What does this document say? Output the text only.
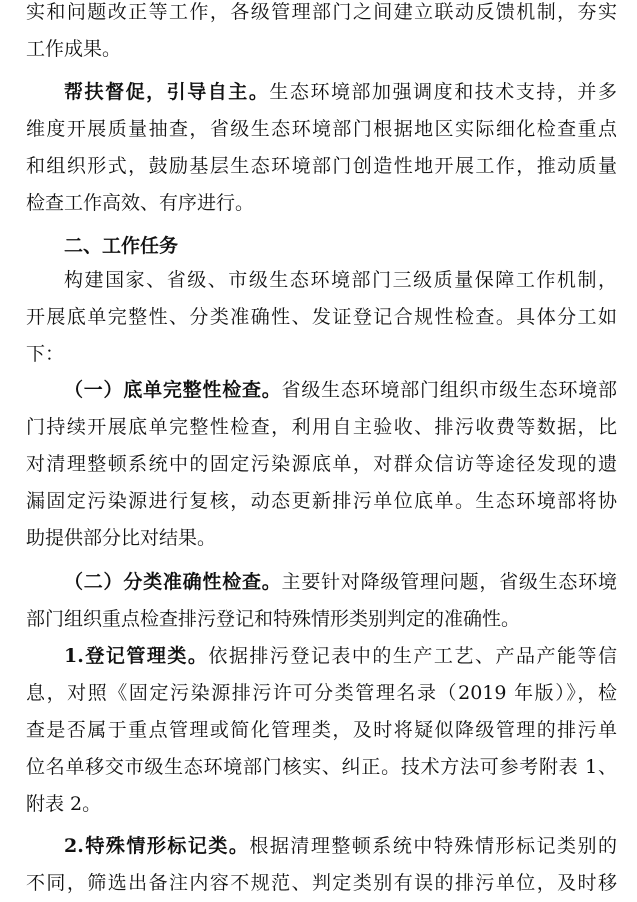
实和问题改正等工作，各级管理部门之间建立联动反馈机制，夯实
工作成果。
帮扶督促，引导自主。生态环境部加强调度和技术支持，并多
维度开展质量抽查，省级生态环境部门根据地区实际细化检查重点
和组织形式，鼓励基层生态环境部门创造性地开展工作，推动质量
检查工作高效、有序进行。
二、工作任务
构建国家、省级、市级生态环境部门三级质量保障工作机制，
开展底单完整性、分类准确性、发证登记合规性检查。具体分工如
下：
（一）底单完整性检查。省级生态环境部门组织市级生态环境部
门持续开展底单完整性检查，利用自主验收、排污收费等数据，比
对清理整顿系统中的固定污染源底单，对群众信访等途径发现的遗
漏固定污染源进行复核，动态更新排污单位底单。生态环境部将协
助提供部分比对结果。
（二）分类准确性检查。主要针对降级管理问题，省级生态环境
部门组织重点检查排污登记和特殊情形类别判定的准确性。
1.登记管理类。依据排污登记表中的生产工艺、产品产能等信
息，对照《固定污染源排污许可分类管理名录（2019 年版）》，检
查是否属于重点管理或简化管理类，及时将疑似降级管理的排污单
位名单移交市级生态环境部门核实、纠正。技术方法可参考附表 1、
附表 2。
2.特殊情形标记类。根据清理整顿系统中特殊情形标记类别的
不同，筛选出备注内容不规范、判定类别有误的排污单位，及时移
